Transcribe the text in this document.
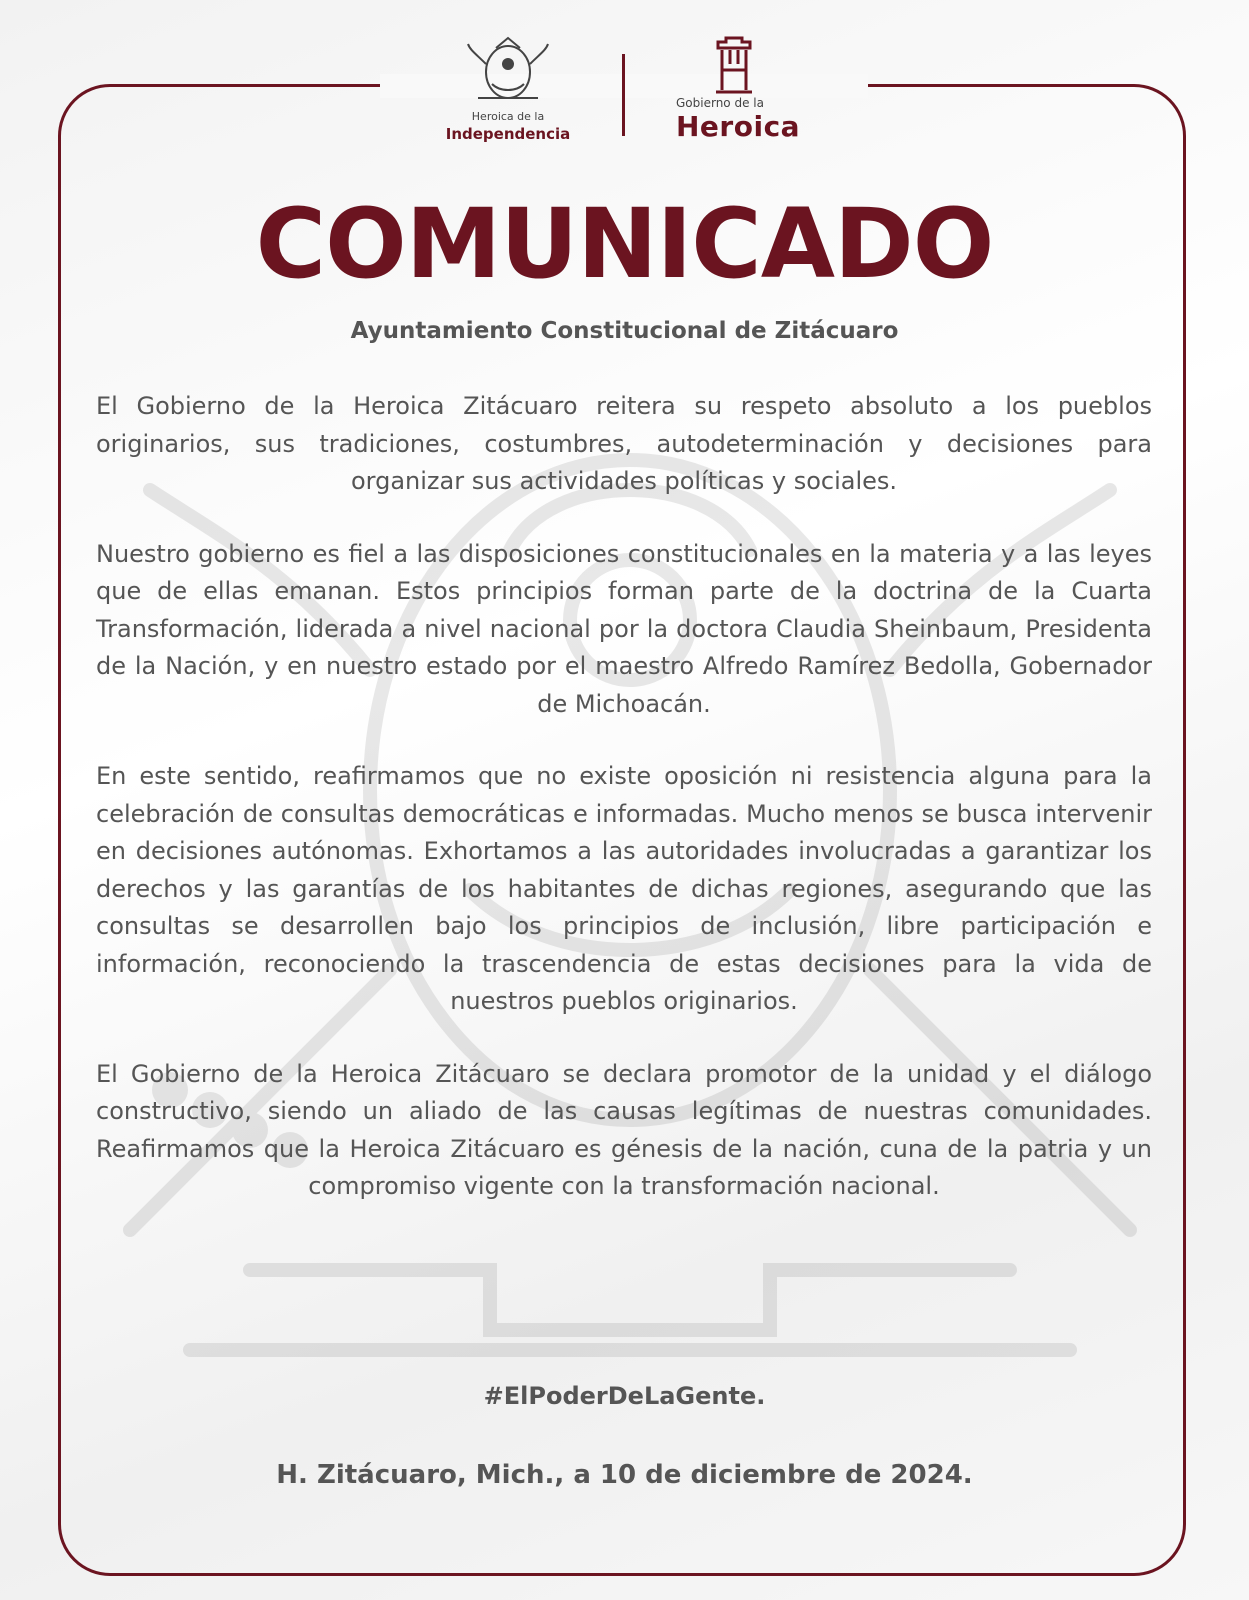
Heroica de la
Independencia
Gobierno de la
Heroica
COMUNICADO
Ayuntamiento Constitucional de Zitácuaro

El Gobierno de la Heroica Zitácuaro reitera su respeto absoluto a los pueblos originarios, sus tradiciones, costumbres, autodeterminación y decisiones para organizar sus actividades políticas y sociales.

Nuestro gobierno es fiel a las disposiciones constitucionales en la materia y a las leyes que de ellas emanan. Estos principios forman parte de la doctrina de la Cuarta Transformación, liderada a nivel nacional por la doctora Claudia Sheinbaum, Presidenta de la Nación, y en nuestro estado por el maestro Alfredo Ramírez Bedolla, Gobernador de Michoacán.

En este sentido, reafirmamos que no existe oposición ni resistencia alguna para la celebración de consultas democráticas e informadas. Mucho menos se busca intervenir en decisiones autónomas. Exhortamos a las autoridades involucradas a garantizar los derechos y las garantías de los habitantes de dichas regiones, asegurando que las consultas se desarrollen bajo los principios de inclusión, libre participación e información, reconociendo la trascendencia de estas decisiones para la vida de nuestros pueblos originarios.

El Gobierno de la Heroica Zitácuaro se declara promotor de la unidad y el diálogo constructivo, siendo un aliado de las causas legítimas de nuestras comunidades. Reafirmamos que la Heroica Zitácuaro es génesis de la nación, cuna de la patria y un compromiso vigente con la transformación nacional.

#ElPoderDeLaGente.
H. Zitácuaro, Mich., a 10 de diciembre de 2024.
